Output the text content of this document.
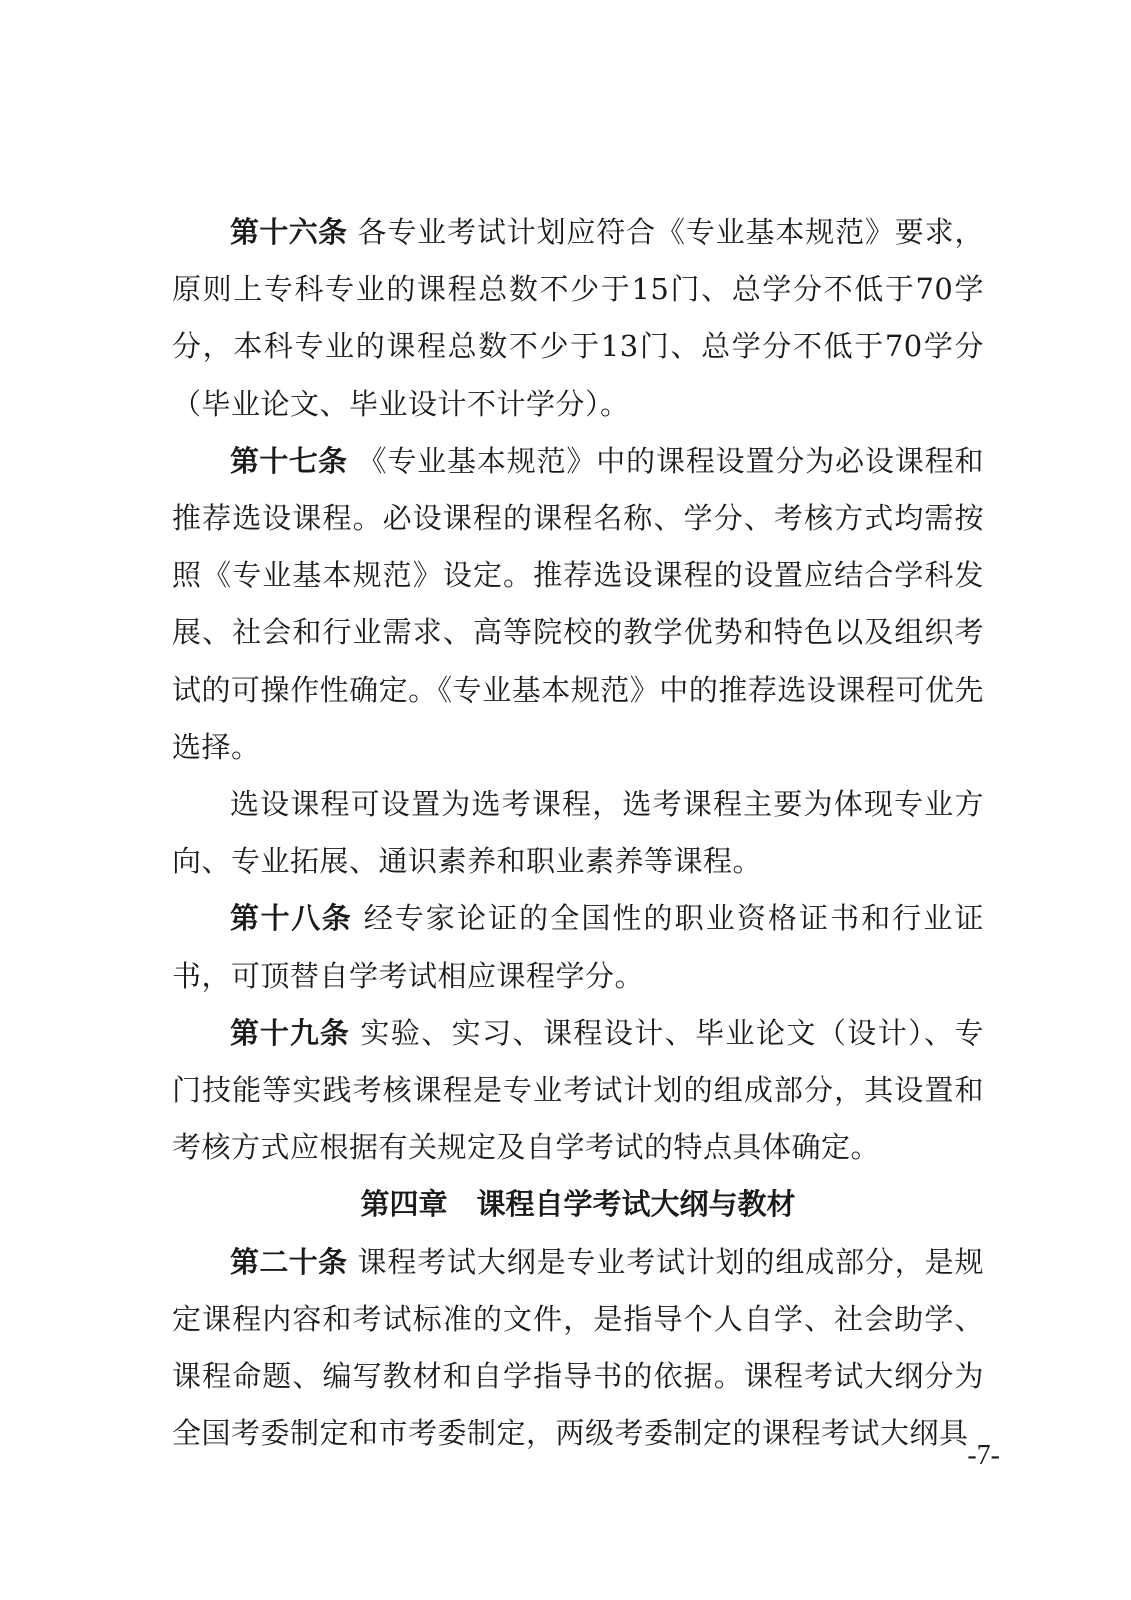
第十六条 各专业考试计划应符合《专业基本规范》要求，原则上专科专业的课程总数不少于15门、总学分不低于70学分，本科专业的课程总数不少于13门、总学分不低于70学分（毕业论文、毕业设计不计学分）。

第十七条 《专业基本规范》中的课程设置分为必设课程和推荐选设课程。必设课程的课程名称、学分、考核方式均需按照《专业基本规范》设定。推荐选设课程的设置应结合学科发展、社会和行业需求、高等院校的教学优势和特色以及组织考试的可操作性确定。《专业基本规范》中的推荐选设课程可优先选择。

选设课程可设置为选考课程，选考课程主要为体现专业方向、专业拓展、通识素养和职业素养等课程。

第十八条 经专家论证的全国性的职业资格证书和行业证书，可顶替自学考试相应课程学分。

第十九条 实验、实习、课程设计、毕业论文（设计）、专门技能等实践考核课程是专业考试计划的组成部分，其设置和考核方式应根据有关规定及自学考试的特点具体确定。

第四章 课程自学考试大纲与教材

第二十条 课程考试大纲是专业考试计划的组成部分，是规定课程内容和考试标准的文件，是指导个人自学、社会助学、课程命题、编写教材和自学指导书的依据。课程考试大纲分为全国考委制定和市考委制定，两级考委制定的课程考试大纲具

-7-
